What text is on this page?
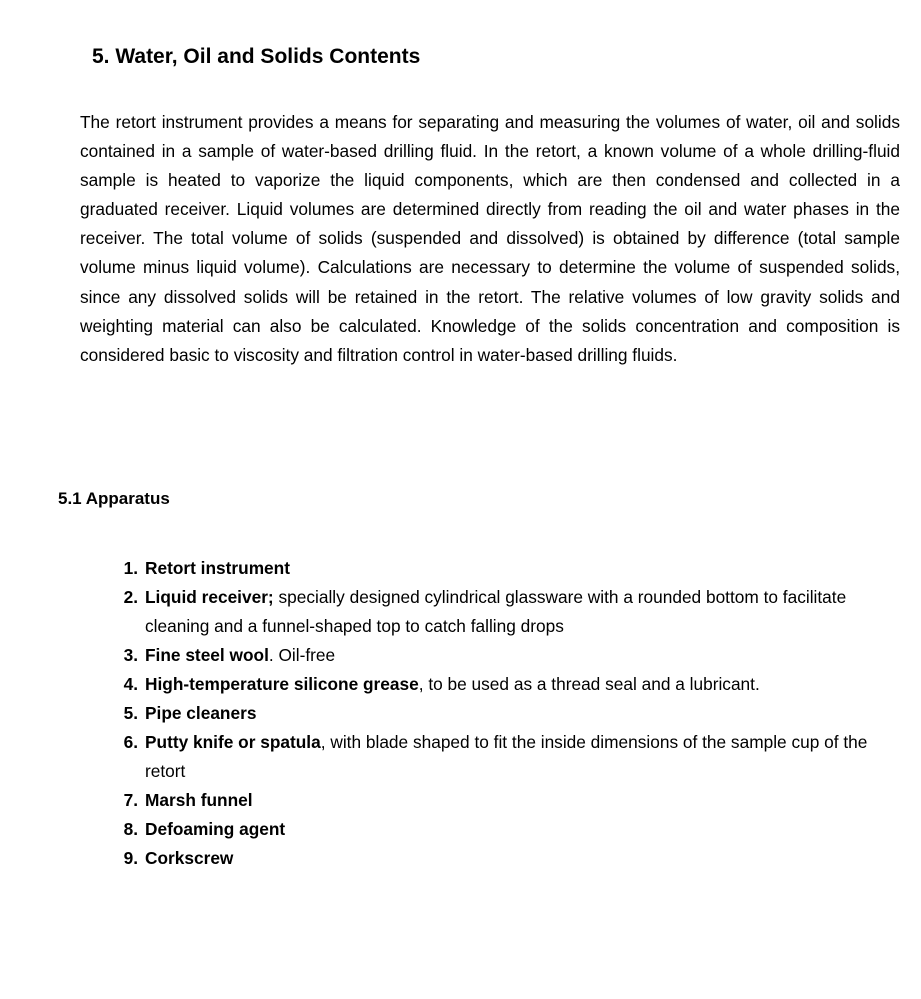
5. Water, Oil and Solids Contents

The retort instrument provides a means for separating and measuring the volumes of water, oil and solids contained in a sample of water-based drilling fluid. In the retort, a known volume of a whole drilling-fluid sample is heated to vaporize the liquid components, which are then condensed and collected in a graduated receiver. Liquid volumes are determined directly from reading the oil and water phases in the receiver. The total volume of solids (suspended and dissolved) is obtained by difference (total sample volume minus liquid volume). Calculations are necessary to determine the volume of suspended solids, since any dissolved solids will be retained in the retort. The relative volumes of low gravity solids and weighting material can also be calculated. Knowledge of the solids concentration and composition is considered basic to viscosity and filtration control in water-based drilling fluids.

5.1 Apparatus
1. Retort instrument
2. Liquid receiver; specially designed cylindrical glassware with a rounded bottom to facilitate cleaning and a funnel-shaped top to catch falling drops
3. Fine steel wool. Oil-free
4. High-temperature silicone grease, to be used as a thread seal and a lubricant.
5. Pipe cleaners
6. Putty knife or spatula, with blade shaped to fit the inside dimensions of the sample cup of the retort
7. Marsh funnel
8. Defoaming agent
9. Corkscrew
